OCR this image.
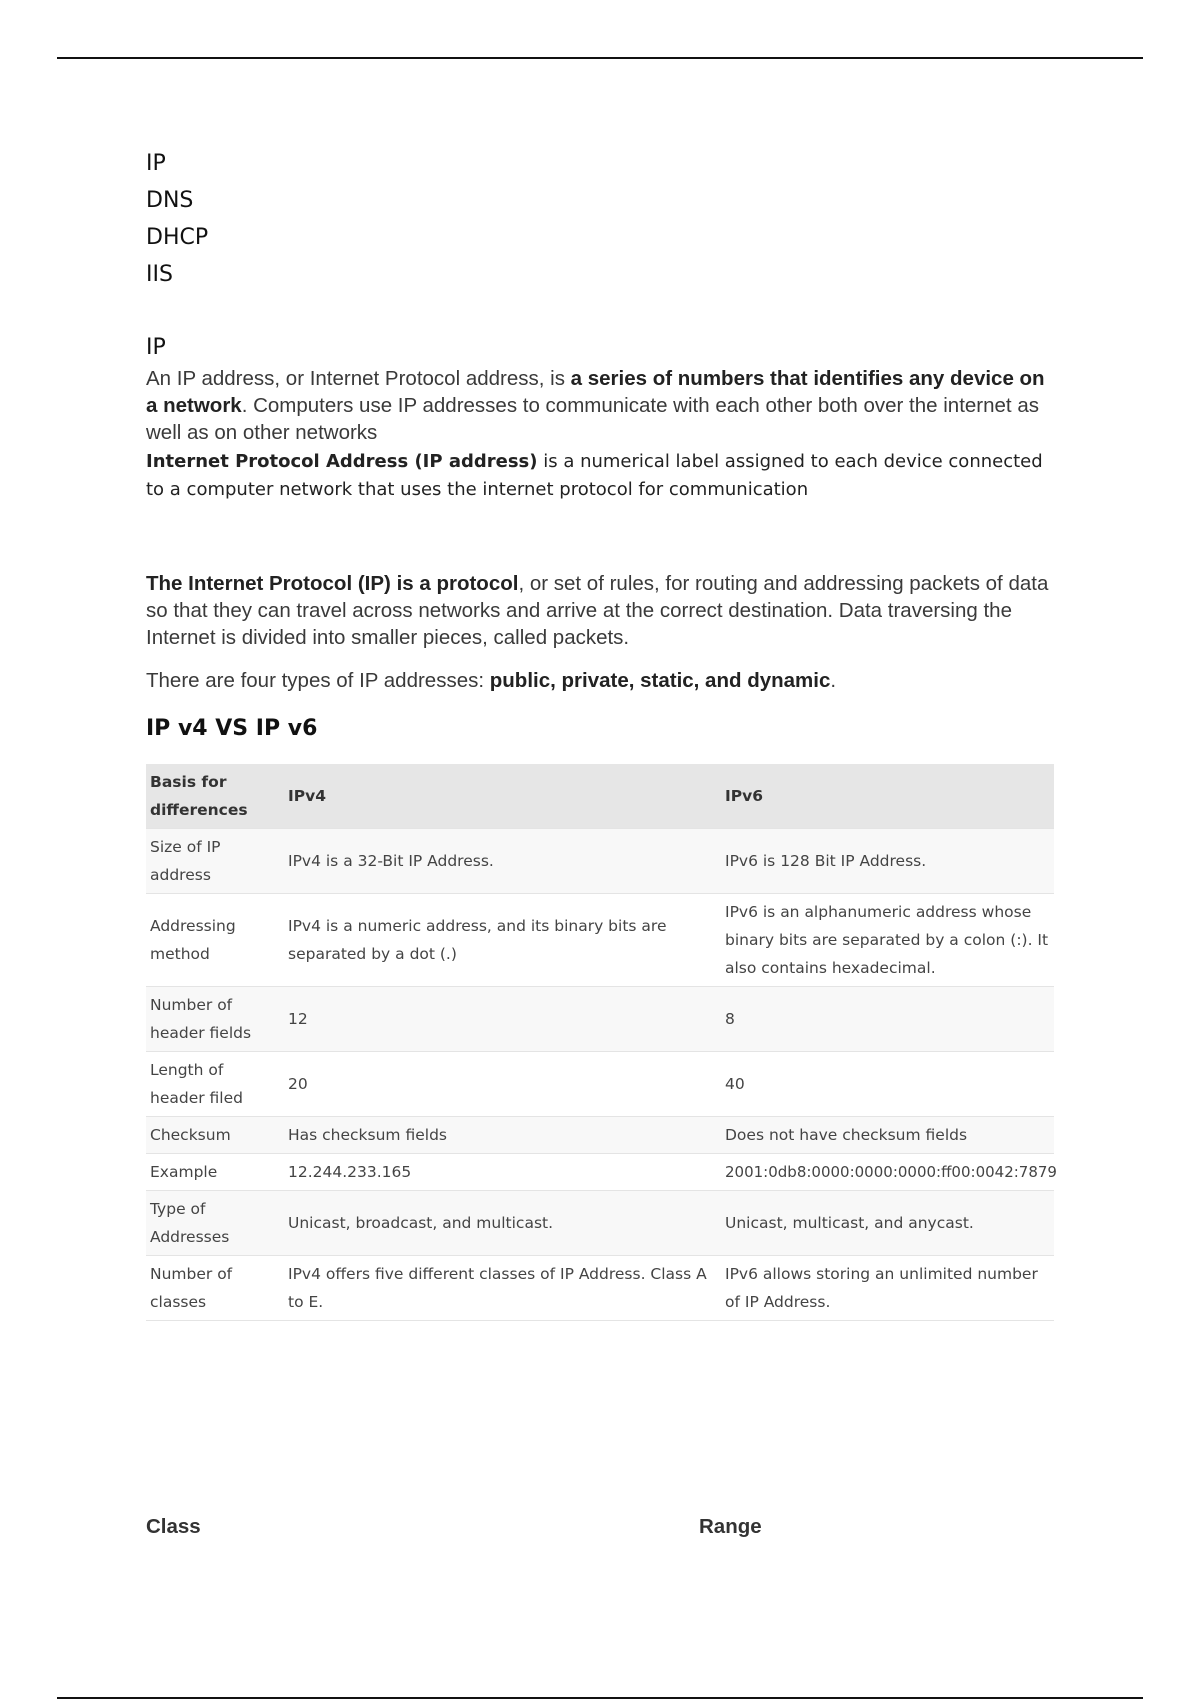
IP
DNS
DHCP
IIS
IP

An IP address, or Internet Protocol address, is a series of numbers that identifies any device on a network. Computers use IP addresses to communicate with each other both over the internet as well as on other networks

Internet Protocol Address (IP address) is a numerical label assigned to each device connected to a computer network that uses the internet protocol for communication

The Internet Protocol (IP) is a protocol, or set of rules, for routing and addressing packets of data so that they can travel across networks and arrive at the correct destination. Data traversing the Internet is divided into smaller pieces, called packets.

There are four types of IP addresses: public, private, static, and dynamic.

IP v4 VS IP v6
Basis for differences	IPv4	IPv6
Size of IP address	IPv4 is a 32-Bit IP Address.	IPv6 is 128 Bit IP Address.
Addressing method	IPv4 is a numeric address, and its binary bits are separated by a dot (.)	IPv6 is an alphanumeric address whose binary bits are separated by a colon (:). It also contains hexadecimal.
Number of header fields	12	8
Length of header filed	20	40
Checksum	Has checksum fields	Does not have checksum fields
Example	12.244.233.165	2001:0db8:0000:0000:0000:ff00:0042:7879
Type of Addresses	Unicast, broadcast, and multicast.	Unicast, multicast, and anycast.
Number of classes	IPv4 offers five different classes of IP Address. Class A to E.	IPv6 allows storing an unlimited number of IP Address.
Class	Range
